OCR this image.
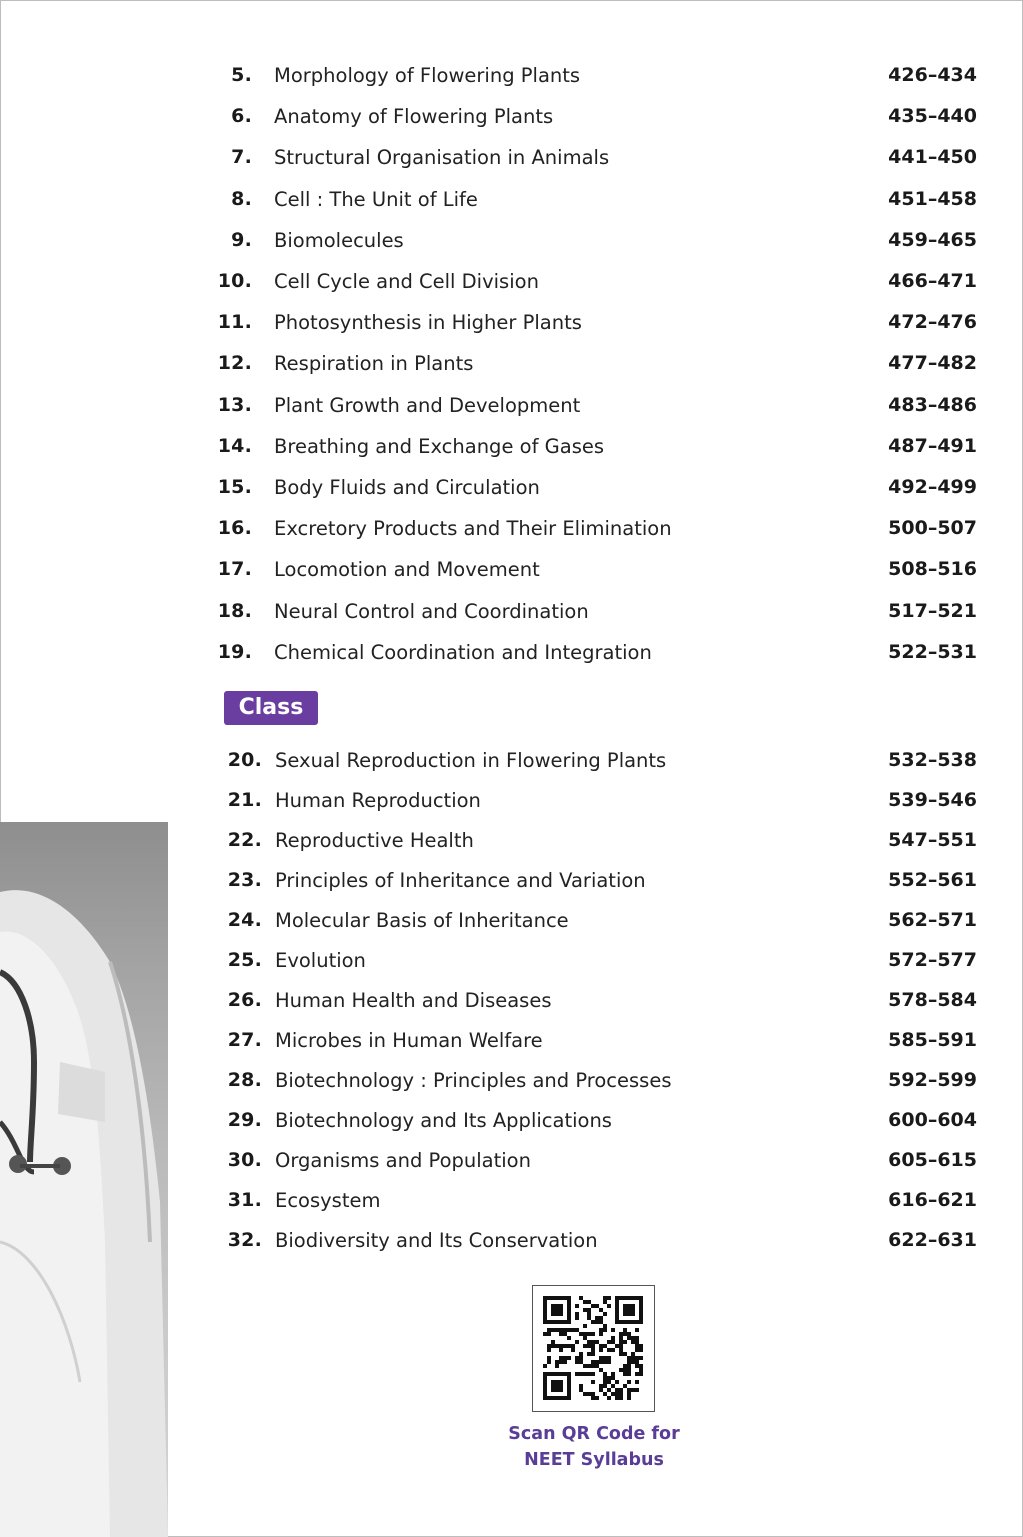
5. Morphology of Flowering Plants	426–434
6. Anatomy of Flowering Plants	435–440
7. Structural Organisation in Animals	441–450
8. Cell : The Unit of Life	451–458
9. Biomolecules	459–465
10. Cell Cycle and Cell Division	466–471
11. Photosynthesis in Higher Plants	472–476
12. Respiration in Plants	477–482
13. Plant Growth and Development	483–486
14. Breathing and Exchange of Gases	487–491
15. Body Fluids and Circulation	492–499
16. Excretory Products and Their Elimination	500–507
17. Locomotion and Movement	508–516
18. Neural Control and Coordination	517–521
19. Chemical Coordination and Integration	522–531
20. Sexual Reproduction in Flowering Plants	532–538
21. Human Reproduction	539–546
22. Reproductive Health	547–551
23. Principles of Inheritance and Variation	552–561
24. Molecular Basis of Inheritance	562–571
25. Evolution	572–577
26. Human Health and Diseases	578–584
27. Microbes in Human Welfare	585–591
28. Biotechnology : Principles and Processes	592–599
29. Biotechnology and Its Applications	600–604
30. Organisms and Population	605–615
31. Ecosystem	616–621
32. Biodiversity and Its Conservation	622–631
Class 12
Scan QR Code for
NEET Syllabus
